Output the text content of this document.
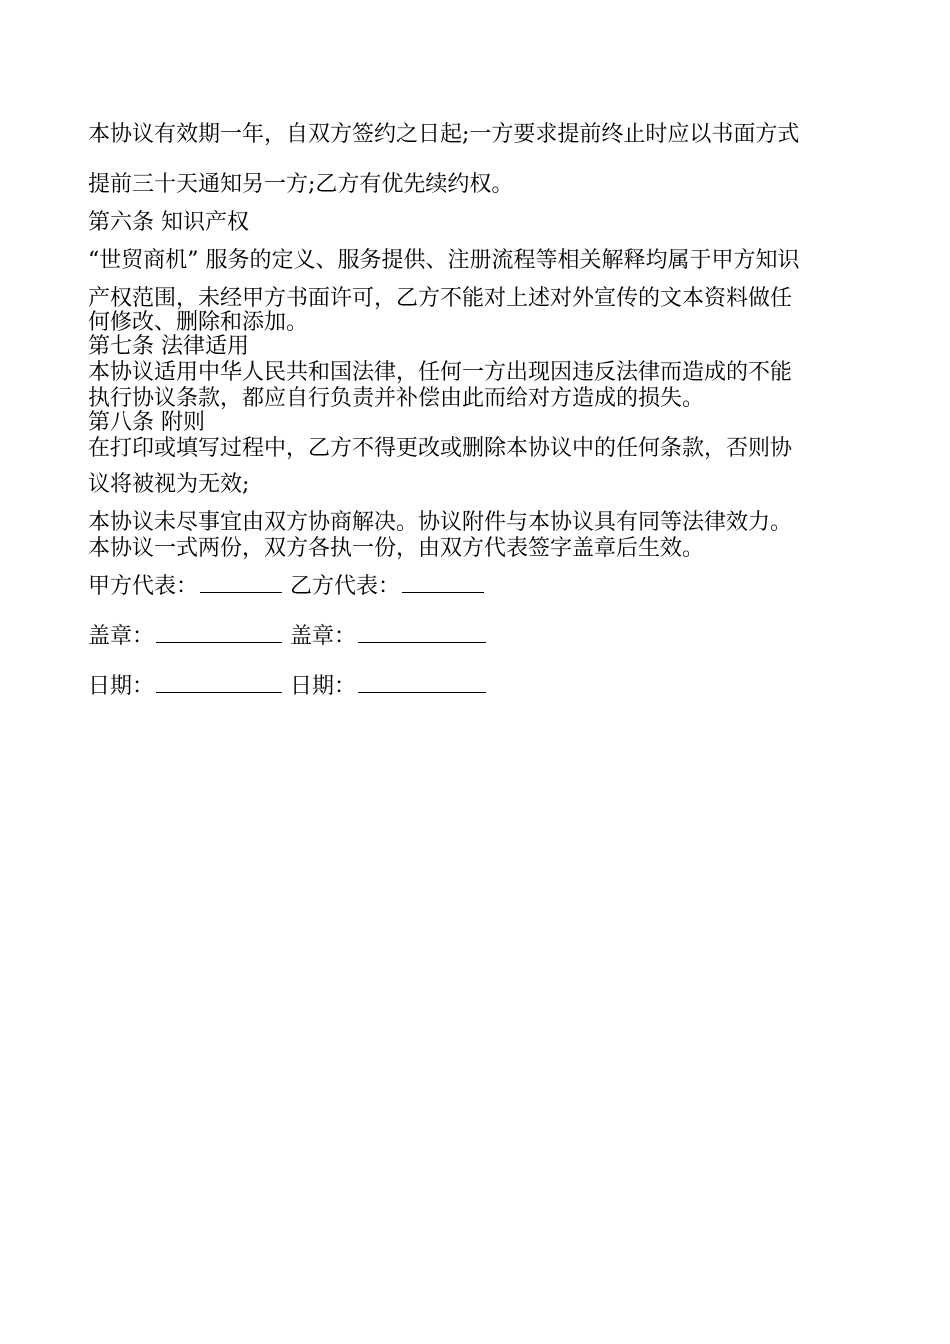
本协议有效期一年，自双方签约之日起;一方要求提前终止时应以书面方式

提前三十天通知另一方;乙方有优先续约权。

第六条 知识产权

“世贸商机” 服务的定义、服务提供、注册流程等相关解释均属于甲方知识

产权范围，未经甲方书面许可，乙方不能对上述对外宣传的文本资料做任

何修改、删除和添加。

第七条 法律适用

本协议适用中华人民共和国法律，任何一方出现因违反法律而造成的不能

执行协议条款，都应自行负责并补偿由此而给对方造成的损失。

第八条 附则

在打印或填写过程中，乙方不得更改或删除本协议中的任何条款，否则协

议将被视为无效;

本协议未尽事宜由双方协商解决。协议附件与本协议具有同等法律效力。

本协议一式两份，双方各执一份，由双方代表签字盖章后生效。

甲方代表：	乙方代表：
盖章：	盖章：
日期：	日期：
